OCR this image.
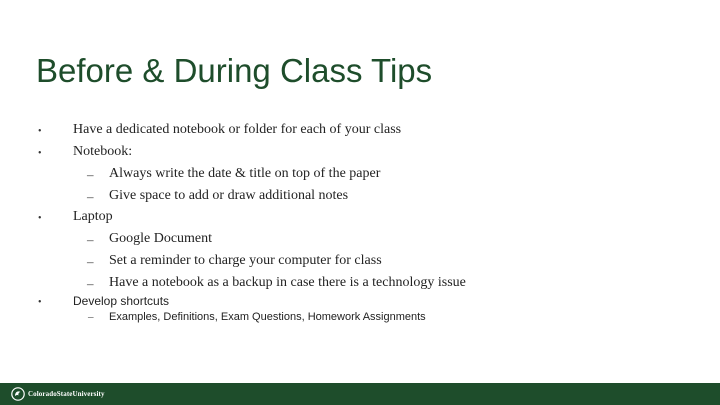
Before & During Class Tips
• Have a dedicated notebook or folder for each of your class
• Notebook:
– Always write the date & title on top of the paper
– Give space to add or draw additional notes
• Laptop
– Google Document
– Set a reminder to charge your computer for class
– Have a notebook as a backup in case there is a technology issue
•	Develop shortcuts
– Examples, Definitions, Exam Questions, Homework Assignments
ColoradoStateUniversity
